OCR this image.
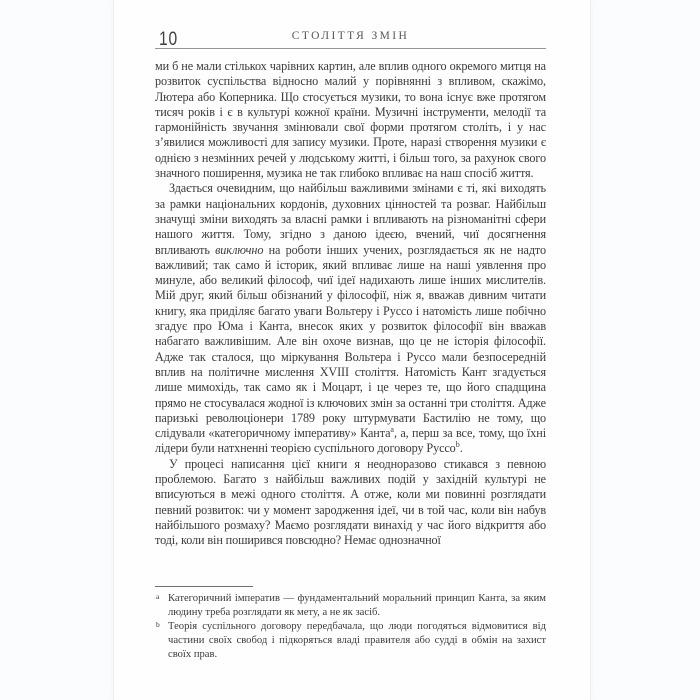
10	СТОЛІТТЯ ЗМІН

ми б не мали стількох чарівних картин, але вплив одного окремого митця на розвиток суспільства відносно малий у порівнянні з впливом, скажімо, Лютера або Коперника. Що стосується музики, то вона існує вже протягом тисяч років і є в культурі кожної країни. Музичні інструменти, мелодії та гармонійність звучання змінювали свої форми протягом століть, і у нас з’явилися можливості для запису музики. Проте, наразі створення музики є однією з незмінних речей у людському житті, і більш того, за рахунок свого значного поширення, музика не так глибоко впливає на наш спосіб життя.

Здається очевидним, що найбільш важливими змінами є ті, які виходять за рамки національних кордонів, духовних цінностей та розваг. Найбільш значущі зміни виходять за власні рамки і впливають на різноманітні сфери нашого життя. Тому, згідно з даною ідеєю, вчений, чиї досягнення впливають виключно на роботи інших учених, розглядається як не надто важливий; так само й історик, який впливає лише на наші уявлення про минуле, або великий філософ, чиї ідеї надихають лише інших мислителів. Мій друг, який більш обізнаний у філософії, ніж я, вважав дивним читати книгу, яка приділяє багато уваги Вольтеру і Руссо і натомість лише побічно згадує про Юма і Канта, внесок яких у розвиток філософії він вважав набагато важливішим. Але він охоче визнав, що це не історія філософії. Адже так сталося, що міркування Вольтера і Руссо мали безпосередній вплив на політичне мислення XVIII століття. Натомість Кант згадується лише мимохідь, так само як і Моцарт, і це через те, що його спадщина прямо не стосувалася жодної із ключових змін за останні три століття. Адже паризькі революціонери 1789 року штурмувати Бастилію не тому, що слідували «категоричному імперативу» Канта$^a$, а, перш за все, тому, що їхні лідери були натхненні теорією суспільного договору Руссо$^b$.

У процесі написання цієї книги я неодноразово стикався з певною проблемою. Багато з найбільш важливих подій у західній культурі не вписуються в межі одного століття. А отже, коли ми повинні розглядати певний розвиток: чи у момент зародження ідеї, чи в той час, коли він набув найбільшого розмаху? Маємо розглядати винахід у час його відкриття або тоді, коли він поширився повсюдно? Немає однозначної

a Категоричний імператив — фундаментальний моральний принцип Канта, за яким людину треба розглядати як мету, а не як засіб.
b Теорія суспільного договору передбачала, що люди погодяться відмовитися від частини своїх свобод і підкоряться владі правителя або судді в обмін на захист своїх прав.
